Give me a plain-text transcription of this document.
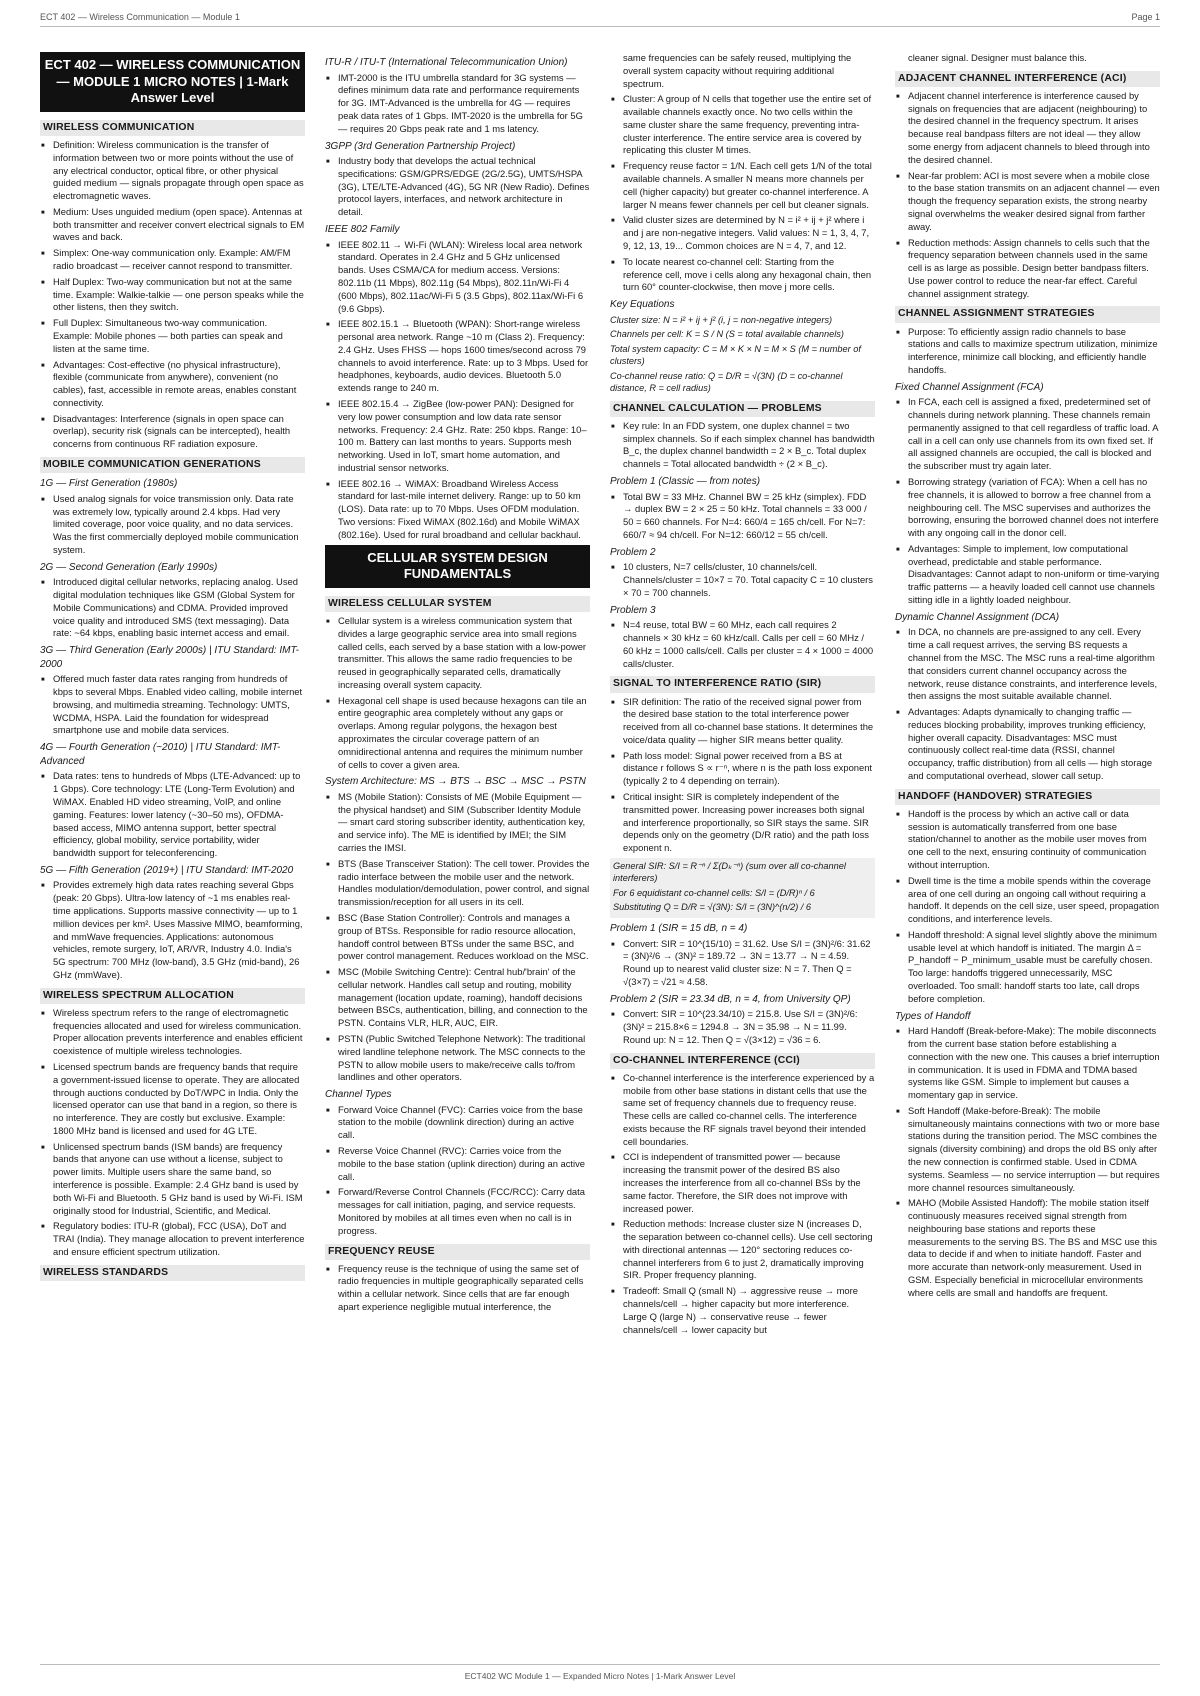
ECT 402 — Wireless Communication — Module 1	Page 1
ECT 402 — WIRELESS COMMUNICATION — MODULE 1 MICRO NOTES | 1-Mark Answer Level
WIRELESS COMMUNICATION
■ Definition: Wireless communication is the transfer of information between two or more points without the use of any electrical conductor, optical fibre, or other physical guided medium — signals propagate through open space as electromagnetic waves.
■ Medium: Uses unguided medium (open space). Antennas at both transmitter and receiver convert electrical signals to EM waves and back.
■ Simplex: One-way communication only. Example: AM/FM radio broadcast — receiver cannot respond to transmitter.
■ Half Duplex: Two-way communication but not at the same time. Example: Walkie-talkie — one person speaks while the other listens, then they switch.
■ Full Duplex: Simultaneous two-way communication. Example: Mobile phones — both parties can speak and listen at the same time.
■ Advantages: Cost-effective (no physical infrastructure), flexible (communicate from anywhere), convenient (no cables), fast, accessible in remote areas, enables constant connectivity.
■ Disadvantages: Interference (signals in open space can overlap), security risk (signals can be intercepted), health concerns from continuous RF radiation exposure.
MOBILE COMMUNICATION GENERATIONS
1G — First Generation (1980s)
■ Used analog signals for voice transmission only. Data rate was extremely low, typically around 2.4 kbps. Had very limited coverage, poor voice quality, and no data services. Was the first commercially deployed mobile communication system.
2G — Second Generation (Early 1990s)
■ Introduced digital cellular networks, replacing analog. Used digital modulation techniques like GSM (Global System for Mobile Communications) and CDMA. Provided improved voice quality and introduced SMS (text messaging). Data rate: ~64 kbps, enabling basic internet access and email.
3G — Third Generation (Early 2000s) | ITU Standard: IMT-2000
■ Offered much faster data rates ranging from hundreds of kbps to several Mbps. Enabled video calling, mobile internet browsing, and multimedia streaming. Technology: UMTS, WCDMA, HSPA. Laid the foundation for widespread smartphone use and mobile data services.
4G — Fourth Generation (~2010) | ITU Standard: IMT-Advanced
■ Data rates: tens to hundreds of Mbps (LTE-Advanced: up to 1 Gbps). Core technology: LTE (Long-Term Evolution) and WiMAX. Enabled HD video streaming, VoIP, and online gaming. Features: lower latency (~30–50 ms), OFDMA-based access, MIMO antenna support, better spectral efficiency, global mobility, service portability, wider bandwidth support for teleconferencing.
5G — Fifth Generation (2019+) | ITU Standard: IMT-2020
■ Provides extremely high data rates reaching several Gbps (peak: 20 Gbps). Ultra-low latency of ~1 ms enables real-time applications. Supports massive connectivity — up to 1 million devices per km². Uses Massive MIMO, beamforming, and mmWave frequencies. Applications: autonomous vehicles, remote surgery, IoT, AR/VR, Industry 4.0. India's 5G spectrum: 700 MHz (low-band), 3.5 GHz (mid-band), 26 GHz (mmWave).
WIRELESS SPECTRUM ALLOCATION
■ Wireless spectrum refers to the range of electromagnetic frequencies allocated and used for wireless communication. Proper allocation prevents interference and enables efficient coexistence of multiple wireless technologies.
■ Licensed spectrum bands are frequency bands that require a government-issued license to operate. They are allocated through auctions conducted by DoT/WPC in India. Only the licensed operator can use that band in a region, so there is no interference. They are costly but exclusive. Example: 1800 MHz band is licensed and used for 4G LTE.
■ Unlicensed spectrum bands (ISM bands) are frequency bands that anyone can use without a license, subject to power limits. Multiple users share the same band, so interference is possible. Example: 2.4 GHz band is used by both Wi-Fi and Bluetooth. 5 GHz band is used by Wi-Fi. ISM originally stood for Industrial, Scientific, and Medical.
■ Regulatory bodies: ITU-R (global), FCC (USA), DoT and TRAI (India). They manage allocation to prevent interference and ensure efficient spectrum utilization.
WIRELESS STANDARDS
ITU-R / ITU-T (International Telecommunication Union)
■ IMT-2000 is the ITU umbrella standard for 3G systems — defines minimum data rate and performance requirements for 3G. IMT-Advanced is the umbrella for 4G — requires peak data rates of 1 Gbps. IMT-2020 is the umbrella for 5G — requires 20 Gbps peak rate and 1 ms latency.
3GPP (3rd Generation Partnership Project)
■ Industry body that develops the actual technical specifications: GSM/GPRS/EDGE (2G/2.5G), UMTS/HSPA (3G), LTE/LTE-Advanced (4G), 5G NR (New Radio). Defines protocol layers, interfaces, and network architecture in detail.
IEEE 802 Family
■ IEEE 802.11 → Wi-Fi (WLAN): Wireless local area network standard. Operates in 2.4 GHz and 5 GHz unlicensed bands. Uses CSMA/CA for medium access. Versions: 802.11b (11 Mbps), 802.11g (54 Mbps), 802.11n/Wi-Fi 4 (600 Mbps), 802.11ac/Wi-Fi 5 (3.5 Gbps), 802.11ax/Wi-Fi 6 (9.6 Gbps).
■ IEEE 802.15.1 → Bluetooth (WPAN): Short-range wireless personal area network. Range ~10 m (Class 2). Frequency: 2.4 GHz. Uses FHSS — hops 1600 times/second across 79 channels to avoid interference. Rate: up to 3 Mbps. Used for headphones, keyboards, audio devices. Bluetooth 5.0 extends range to 240 m.
■ IEEE 802.15.4 → ZigBee (low-power PAN): Designed for very low power consumption and low data rate sensor networks. Frequency: 2.4 GHz. Rate: 250 kbps. Range: 10–100 m. Battery can last months to years. Supports mesh networking. Used in IoT, smart home automation, and industrial sensor networks.
■ IEEE 802.16 → WiMAX: Broadband Wireless Access standard for last-mile internet delivery. Range: up to 50 km (LOS). Data rate: up to 70 Mbps. Uses OFDM modulation. Two versions: Fixed WiMAX (802.16d) and Mobile WiMAX (802.16e). Used for rural broadband and cellular backhaul.
CELLULAR SYSTEM DESIGN FUNDAMENTALS
WIRELESS CELLULAR SYSTEM
■ Cellular system is a wireless communication system that divides a large geographic service area into small regions called cells, each served by a base station with a low-power transmitter. This allows the same radio frequencies to be reused in geographically separated cells, dramatically increasing overall system capacity.
■ Hexagonal cell shape is used because hexagons can tile an entire geographic area completely without any gaps or overlaps. Among regular polygons, the hexagon best approximates the circular coverage pattern of an omnidirectional antenna and requires the minimum number of cells to cover a given area.
System Architecture: MS → BTS → BSC → MSC → PSTN
■ MS (Mobile Station): Consists of ME (Mobile Equipment — the physical handset) and SIM (Subscriber Identity Module — smart card storing subscriber identity, authentication key, and service info). The ME is identified by IMEI; the SIM carries the IMSI.
■ BTS (Base Transceiver Station): The cell tower. Provides the radio interface between the mobile user and the network. Handles modulation/demodulation, power control, and signal transmission/reception for all users in its cell.
■ BSC (Base Station Controller): Controls and manages a group of BTSs. Responsible for radio resource allocation, handoff control between BTSs under the same BSC, and power control management. Reduces workload on the MSC.
■ MSC (Mobile Switching Centre): Central hub/'brain' of the cellular network. Handles call setup and routing, mobility management (location update, roaming), handoff decisions between BSCs, authentication, billing, and connection to the PSTN. Contains VLR, HLR, AUC, EIR.
■ PSTN (Public Switched Telephone Network): The traditional wired landline telephone network. The MSC connects to the PSTN to allow mobile users to make/receive calls to/from landlines and other operators.
Channel Types
■ Forward Voice Channel (FVC): Carries voice from the base station to the mobile (downlink direction) during an active call.
■ Reverse Voice Channel (RVC): Carries voice from the mobile to the base station (uplink direction) during an active call.
■ Forward/Reverse Control Channels (FCC/RCC): Carry data messages for call initiation, paging, and service requests. Monitored by mobiles at all times even when no call is in progress.
FREQUENCY REUSE
■ Frequency reuse is the technique of using the same set of radio frequencies in multiple geographically separated cells within a cellular network. Since cells that are far enough apart experience negligible mutual interference, the
same frequencies can be safely reused, multiplying the overall system capacity without requiring additional spectrum.
■ Cluster: A group of N cells that together use the entire set of available channels exactly once. No two cells within the same cluster share the same frequency, preventing intra-cluster interference. The entire service area is covered by replicating this cluster M times.
■ Frequency reuse factor = 1/N. Each cell gets 1/N of the total available channels. A smaller N means more channels per cell (higher capacity) but greater co-channel interference. A larger N means fewer channels per cell but cleaner signals.
■ Valid cluster sizes are determined by N = i² + ij + j² where i and j are non-negative integers. Valid values: N = 1, 3, 4, 7, 9, 12, 13, 19... Common choices are N = 4, 7, and 12.
■ To locate nearest co-channel cell: Starting from the reference cell, move i cells along any hexagonal chain, then turn 60° counter-clockwise, then move j more cells.
Key Equations
Cluster size: N = i² + ij + j² (i, j = non-negative integers)
Channels per cell: K = S / N (S = total available channels)
Total system capacity: C = M × K × N = M × S (M = number of clusters)
Co-channel reuse ratio: Q = D/R = √(3N) (D = co-channel distance, R = cell radius)
CHANNEL CALCULATION — PROBLEMS
■ Key rule: In an FDD system, one duplex channel = two simplex channels. So if each simplex channel has bandwidth B_c, the duplex channel bandwidth = 2 × B_c. Total duplex channels = Total allocated bandwidth ÷ (2 × B_c).
Problem 1 (Classic — from notes)
■ Total BW = 33 MHz. Channel BW = 25 kHz (simplex). FDD → duplex BW = 2 × 25 = 50 kHz. Total channels = 33 000 / 50 = 660 channels. For N=4: 660/4 = 165 ch/cell. For N=7: 660/7 ≈ 94 ch/cell. For N=12: 660/12 = 55 ch/cell.
Problem 2
■ 10 clusters, N=7 cells/cluster, 10 channels/cell. Channels/cluster = 10×7 = 70. Total capacity C = 10 clusters × 70 = 700 channels.
Problem 3
■ N=4 reuse, total BW = 60 MHz, each call requires 2 channels × 30 kHz = 60 kHz/call. Calls per cell = 60 MHz / 60 kHz = 1000 calls/cell. Calls per cluster = 4 × 1000 = 4000 calls/cluster.
SIGNAL TO INTERFERENCE RATIO (SIR)
■ SIR definition: The ratio of the received signal power from the desired base station to the total interference power received from all co-channel base stations. It determines the voice/data quality — higher SIR means better quality.
■ Path loss model: Signal power received from a BS at distance r follows S ∝ r⁻ⁿ, where n is the path loss exponent (typically 2 to 4 depending on terrain).
■ Critical insight: SIR is completely independent of the transmitted power. Increasing power increases both signal and interference proportionally, so SIR stays the same. SIR depends only on the geometry (D/R ratio) and the path loss exponent n.
General SIR: S/I = R⁻ⁿ / Σ(Dₖ⁻ⁿ) (sum over all co-channel interferers)
For 6 equidistant co-channel cells: S/I = (D/R)ⁿ / 6
Substituting Q = D/R = √(3N): S/I = (3N)^(n/2) / 6
Problem 1 (SIR = 15 dB, n = 4)
■ Convert: SIR = 10^(15/10) = 31.62. Use S/I = (3N)²/6: 31.62 = (3N)²/6 → (3N)² = 189.72 → 3N = 13.77 → N = 4.59. Round up to nearest valid cluster size: N = 7. Then Q = √(3×7) = √21 ≈ 4.58.
Problem 2 (SIR = 23.34 dB, n = 4, from University QP)
■ Convert: SIR = 10^(23.34/10) = 215.8. Use S/I = (3N)²/6: (3N)² = 215.8×6 = 1294.8 → 3N = 35.98 → N = 11.99. Round up: N = 12. Then Q = √(3×12) = √36 = 6.
CO-CHANNEL INTERFERENCE (CCI)
■ Co-channel interference is the interference experienced by a mobile from other base stations in distant cells that use the same set of frequency channels due to frequency reuse. These cells are called co-channel cells. The interference exists because the RF signals travel beyond their intended cell boundaries.
■ CCI is independent of transmitted power — because increasing the transmit power of the desired BS also increases the interference from all co-channel BSs by the same factor. Therefore, the SIR does not improve with increased power.
■ Reduction methods: Increase cluster size N (increases D, the separation between co-channel cells). Use cell sectoring with directional antennas — 120° sectoring reduces co-channel interferers from 6 to just 2, dramatically improving SIR. Proper frequency planning.
■ Tradeoff: Small Q (small N) → aggressive reuse → more channels/cell → higher capacity but more interference. Large Q (large N) → conservative reuse → fewer channels/cell → lower capacity but
cleaner signal. Designer must balance this.
ADJACENT CHANNEL INTERFERENCE (ACI)
■ Adjacent channel interference is interference caused by signals on frequencies that are adjacent (neighbouring) to the desired channel in the frequency spectrum. It arises because real bandpass filters are not ideal — they allow some energy from adjacent channels to bleed through into the desired channel.
■ Near-far problem: ACI is most severe when a mobile close to the base station transmits on an adjacent channel — even though the frequency separation exists, the strong nearby signal overwhelms the weaker desired signal from farther away.
■ Reduction methods: Assign channels to cells such that the frequency separation between channels used in the same cell is as large as possible. Design better bandpass filters. Use power control to reduce the near-far effect. Careful channel assignment strategy.
CHANNEL ASSIGNMENT STRATEGIES
■ Purpose: To efficiently assign radio channels to base stations and calls to maximize spectrum utilization, minimize interference, minimize call blocking, and efficiently handle handoffs.
Fixed Channel Assignment (FCA)
■ In FCA, each cell is assigned a fixed, predetermined set of channels during network planning. These channels remain permanently assigned to that cell regardless of traffic load. A call in a cell can only use channels from its own fixed set. If all assigned channels are occupied, the call is blocked and the subscriber must try again later.
■ Borrowing strategy (variation of FCA): When a cell has no free channels, it is allowed to borrow a free channel from a neighbouring cell. The MSC supervises and authorizes the borrowing, ensuring the borrowed channel does not interfere with any ongoing call in the donor cell.
■ Advantages: Simple to implement, low computational overhead, predictable and stable performance. Disadvantages: Cannot adapt to non-uniform or time-varying traffic patterns — a heavily loaded cell cannot use channels sitting idle in a lightly loaded neighbour.
Dynamic Channel Assignment (DCA)
■ In DCA, no channels are pre-assigned to any cell. Every time a call request arrives, the serving BS requests a channel from the MSC. The MSC runs a real-time algorithm that considers current channel occupancy across the network, reuse distance constraints, and interference levels, then assigns the most suitable available channel.
■ Advantages: Adapts dynamically to changing traffic — reduces blocking probability, improves trunking efficiency, higher overall capacity. Disadvantages: MSC must continuously collect real-time data (RSSI, channel occupancy, traffic distribution) from all cells — high storage and computational overhead, slower call setup.
HANDOFF (HANDOVER) STRATEGIES
■ Handoff is the process by which an active call or data session is automatically transferred from one base station/channel to another as the mobile user moves from one cell to the next, ensuring continuity of communication without interruption.
■ Dwell time is the time a mobile spends within the coverage area of one cell during an ongoing call without requiring a handoff. It depends on the cell size, user speed, propagation conditions, and interference levels.
■ Handoff threshold: A signal level slightly above the minimum usable level at which handoff is initiated. The margin Δ = P_handoff − P_minimum_usable must be carefully chosen. Too large: handoffs triggered unnecessarily, MSC overloaded. Too small: handoff starts too late, call drops before completion.
Types of Handoff
■ Hard Handoff (Break-before-Make): The mobile disconnects from the current base station before establishing a connection with the new one. This causes a brief interruption in communication. It is used in FDMA and TDMA based systems like GSM. Simple to implement but causes a momentary gap in service.
■ Soft Handoff (Make-before-Break): The mobile simultaneously maintains connections with two or more base stations during the transition period. The MSC combines the signals (diversity combining) and drops the old BS only after the new connection is confirmed stable. Used in CDMA systems. Seamless — no service interruption — but requires more channel resources simultaneously.
■ MAHO (Mobile Assisted Handoff): The mobile station itself continuously measures received signal strength from neighbouring base stations and reports these measurements to the serving BS. The BS and MSC use this data to decide if and when to initiate handoff. Faster and more accurate than network-only measurement. Used in GSM. Especially beneficial in microcellular environments where cells are small and handoffs are frequent.
ECT402 WC Module 1 — Expanded Micro Notes | 1-Mark Answer Level
